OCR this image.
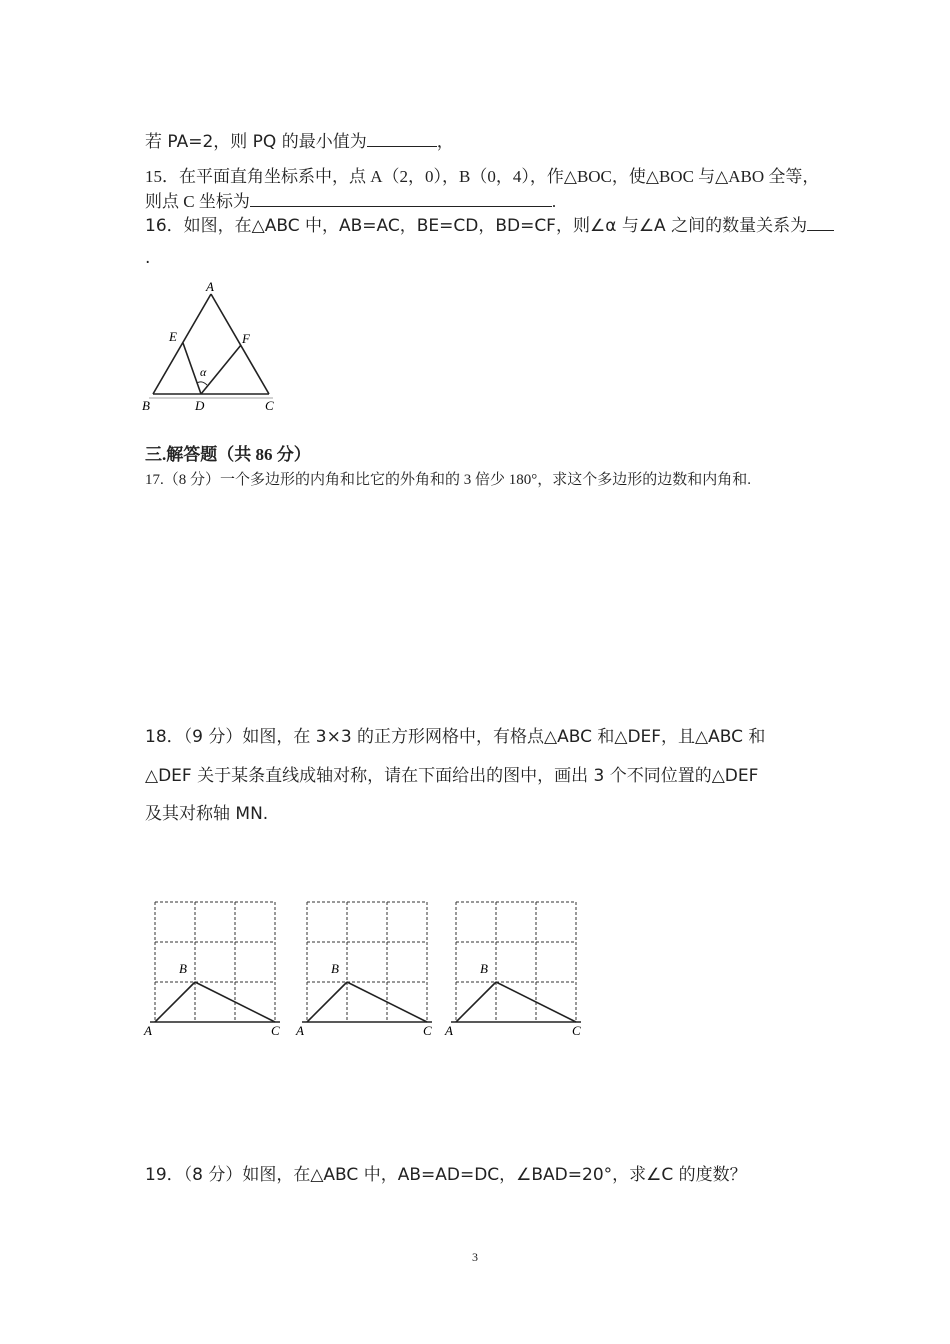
若 PA=2，则 PQ 的最小值为	，
15．在平面直角坐标系中，点 A（2，0），B（0，4），作△BOC，使△BOC 与△ABO 全等，
则点 C 坐标为	.
16．如图，在△ABC 中，AB=AC，BE=CD，BD=CF，则∠α 与∠A 之间的数量关系为
.
A
B	C
D
E	F
α
三.解答题（共 86 分）
17.（8 分）一个多边形的内角和比它的外角和的 3 倍少 180°，求这个多边形的边数和内角和.
18．（9 分）如图，在 3×3 的正方形网格中，有格点△ABC 和△DEF，且△ABC 和
△DEF 关于某条直线成轴对称，请在下面给出的图中，画出 3 个不同位置的△DEF
及其对称轴 MN.
B
A	C
B
A	C
B
A	C
19．（8 分）如图，在△ABC 中，AB=AD=DC，∠BAD=20°，求∠C 的度数？
3
